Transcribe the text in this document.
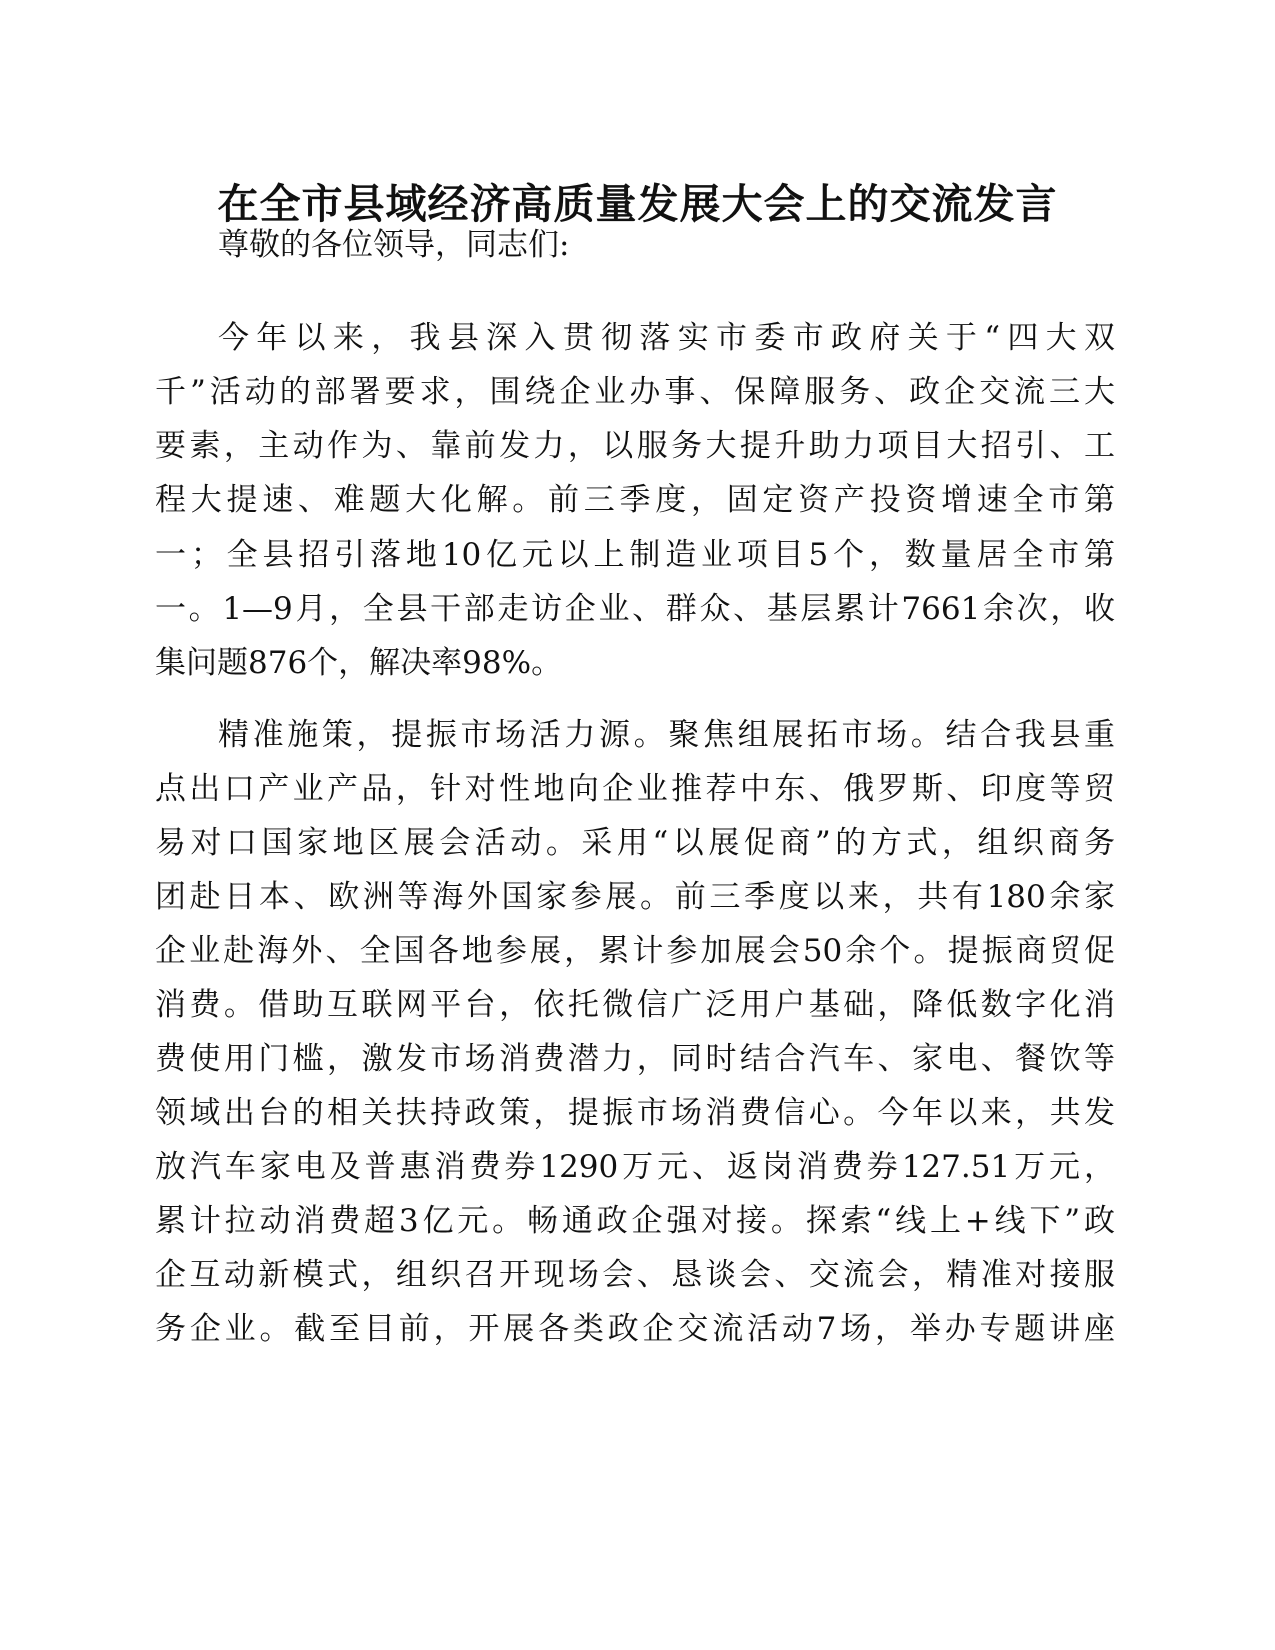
在全市县域经济高质量发展大会上的交流发言

尊敬的各位领导，同志们:

今年以来，我县深入贯彻落实市委市政府关于“四大双

千”活动的部署要求，围绕企业办事、保障服务、政企交流三大

要素，主动作为、靠前发力，以服务大提升助力项目大招引、工

程大提速、难题大化解。前三季度，固定资产投资增速全市第

一；全县招引落地10亿元以上制造业项目5个，数量居全市第

一。1—9月，全县干部走访企业、群众、基层累计7661余次，收

集问题876个，解决率98%。

精准施策，提振市场活力源。聚焦组展拓市场。结合我县重

点出口产业产品，针对性地向企业推荐中东、俄罗斯、印度等贸

易对口国家地区展会活动。采用“以展促商”的方式，组织商务

团赴日本、欧洲等海外国家参展。前三季度以来，共有180余家

企业赴海外、全国各地参展，累计参加展会50余个。提振商贸促

消费。借助互联网平台，依托微信广泛用户基础，降低数字化消

费使用门槛，激发市场消费潜力，同时结合汽车、家电、餐饮等

领域出台的相关扶持政策，提振市场消费信心。今年以来，共发

放汽车家电及普惠消费券1290万元、返岗消费券127.51万元，

累计拉动消费超3亿元。畅通政企强对接。探索“线上+线下”政

企互动新模式，组织召开现场会、恳谈会、交流会，精准对接服

务企业。截至目前，开展各类政企交流活动7场，举办专题讲座
